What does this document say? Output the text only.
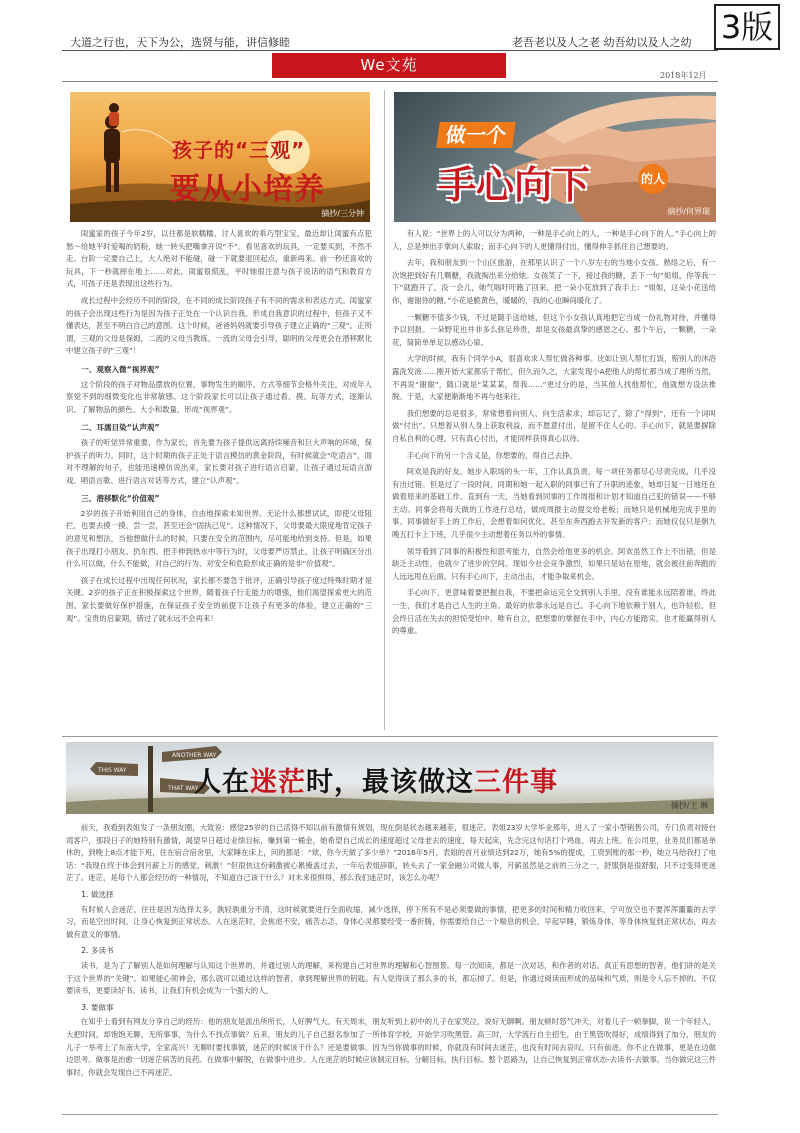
大道之行也，天下为公，选贤与能，讲信修睦	老吾老以及人之老 幼吾幼以及人之幼 3版
We文苑
2018年12月
孩子的“三观”
要从小培养
摘抄/三分钟

闺蜜家的孩子今年2岁，以往都是软糯糯、讨人喜欢的乖巧型宝宝，最近却让闺蜜有点犯愁～给她平时爱喝的奶粉，她一转头把嘴拿开说“不”。看见喜欢的玩具，一定要买到，不然不走。台阶一定要自己上，大人绝对不能碰，碰一下就要退回起点，重新再来。前一秒还喜欢的玩具，下一秒就摔在地上……对此，闺蜜很慌乱，平时她很注意与孩子说话的语气和教育方式，可孩子还是表现出这些行为。

成长过程中会经历不同的阶段，在不同的成长阶段孩子有不同的需求和表达方式。闺蜜家的孩子会出现这些行为是因为孩子正处在一个认识自我、形成自我意识的过程中，但孩子又不懂表达，甚至不明白自己的意图。这个时候，爸爸妈妈就要引导孩子建立正确的“三观”。正所谓，三观的父母是保姆，二流的父母当教练，一流的父母会引导，聪明的父母更会在潜移默化中建立孩子的“三观”！

一、观察入微“视界观”

这个阶段的孩子对物品摆放的位置，事物发生的顺序、方式等细节会格外关注，对成年人察觉不到的细微变化也非常敏感。这个阶段家长可以让孩子通过看、摸、玩等方式，逐渐认识、了解物品的颜色、大小和数量，形成“视界观”。

二、耳濡目染“认声观”

孩子的听觉异常重要，作为家长，首先要为孩子提供远离持续噪音和巨大声响的环境，保护孩子的听力。同时，这个时期的孩子正处于语言模仿的黄金阶段，有时候就会“吃语言”，面对不理解的句子，也能迅速模仿说出来，家长要对孩子进行语言启蒙，让孩子通过玩语言游戏、唱语言歌、进行语言对话等方式，建立“认声观”。

三、潜移默化“价值观”

2岁的孩子开始利用自己的身体，自由地探索未知世界。无论什么都想试试，即使父母阻拦，也要去摸一摸、尝一尝，甚至还会“固执己见”。这种情况下，父母要最大限度地肯定孩子的意见和想法，当他想做什么的时候，只要在安全的范围内，尽可能地给到支持。但是，如果孩子出现打小朋友、扔东西、把手伸到热水中等行为时，父母要严厉禁止，让孩子明确区分出什么可以做，什么不能做，对自己的行为、对安全和危险形成正确的是非“价值观”。

孩子在成长过程中出现任何状况，家长都不要急于批评，正确引导孩子度过特殊时期才是关键。2岁的孩子正在积极探索这个世界，随着孩子行走能力的增强，他们渴望探索更大的范围。家长要做好保护措施，在保证孩子安全的前提下让孩子有更多的体验，建立正确的“三观”。宝贵的启蒙期，错过了就永远不会再来！

做一个
手心向下	的人
摘抄/何界瑞

有人说：“世界上的人可以分为两种，一种是手心向上的人，一种是手心向下的人。”手心向上的人，总是伸出手掌向人索取；而手心向下的人更懂得付出，懂得伸手抓住自己想要的。

去年，我和朋友到一个山区旅游，在那里认识了一个八岁左右的当地小女孩。熟络之后，有一次饱把到好有几颗糖，我就掏出来分给她。女孩笑了一下，接过我的糖，丢下一句“姐姐，你等我一下”就跑开了。没一会儿，她气喘吁吁跑了回来，把一朵小花放到了我手上：“姐姐，这朵小花送给你，谢谢你的糖。”小花是脆黄色，暖暖的，我的心也瞬间暖化了。

一颗糖不值多少钱，不过是随手送给她，但这个小女孩认真地把它当成一份礼物对待，并懂得予以回报。一朵野花也并非多么弥足珍贵，却是女孩最真挚的感恩之心。那个午后，一颗糖，一朵花，简简单单足以感动心扉。

大学的时候，我有个同学小A，很喜欢求人帮忙做各种事。比如让别人帮忙打饭，赔别人的沐浴露洗发液……刚开始大家都乐于帮忙，但久而久之，大家发现小A把他人的帮忙都当成了理所当然，不再说“谢谢”，随口就是“某某某，帮我……”更过分的是，当其他人找他帮忙，他就想方设法推脱。于是，大家便渐渐地不再与他来往。

我们想要的总是很多，常常想着向别人、向生活索求，却忘记了，除了“得到”，还有一个词叫做“付出”。只想着从别人身上获取利益，而不愿意付出，是留不住人心的。手心向下，就是要摒除自私自利的心理。只有真心付出，才能同样获得真心以待。

手心向下的另一个含义是，你想要的，得自己去挣。

阿欢是我的好友。她步入职场的头一年，工作认真负责，每一项任务都尽心尽责完成，几乎没有出过错。但是过了一段时间，同期和她一起入职的同事已有了升职的迹象，她却日复一日地还在做着原来的基础工作。直到有一天，当她看到同事的工作周报和计划才知道自己犯的错误——不够主动。同事会将每天做的工作进行总结，做成周报主动提交给老板；而她只是机械地完成手里的事。同事做好手上的工作后，会想着如何优化，甚至东奔西跑去开发新的客户；而她仅仅只是朝九晚五打卡上下班，几乎很少主动想着任务以外的事情。

领导看到了同事的积极性和思考能力，自然会给他更多的机会。阿欢虽然工作上不出错，但是缺乏主动性，也就少了进步的空间。现如今社会竞争激烈，如果只是站在原地，就会被往前奔跑的人远远甩在后面。只有手心向下，主动出击，才能争取来机会。

手心向下，更意味着要把握自我，不要把命运完全交到别人手里。没有谁能永远陪着谁，终此一生，我们才是自己人生的主角。最好的依靠永远是自己。手心向下地依赖于别人，也许轻松，但会终日活在失去的担惊受怕中。唯有自立，把想要的掌握在手中，内心方能踏实，也才能赢得别人的尊重。

ANOTHER WAY
THIS WAY
THAT WAY
人在迷茫时，最该做这三件事
摘抄/王 琳

前天，我看到表姐发了一条朋友圈，大致说：感觉25岁的自己活得不知以前有激情有规划，现在倒是状态越来越差，很迷茫。表姐23岁大学毕业那年，进入了一家小型销售公司，专门负责对接台湾客户，那段日子的她特别有激情，渴望早日超过业绩目标，赚到第一桶金，她希望自己成长的速度超过父母老去的速度，每天起床，先念完这句话打个鸡血，再去上班。在公司里，业务员们都是单休的，到晚上8点才能下班，住在宿合宿舍里，大家睡在床上，问的都是：“欸，你今天做了多少单？”2016年5月，表姐的首月业绩达到22万，她有5%的提成，工资到账的那一秒，她立马给我打了电话：“我现在终于体会到月薪上万的感觉，刺激！”但很快这份刺激被心累掩盖过去，一年后表姐辞职，转头去了一家金融公司做人事，月薪虽然是之前的三分之一，舒服倒是很舒服，只不过变得更迷茫了。迷茫，是每个人都会经历的一种情况，不知道自己该干什么？对未来很惧得，那么我们迷茫时，该怎么办呢？

1. 做选择

有时候人会迷茫，往往是因为选择太多，孰轻孰重分不清，这时候就要进行全面收缩，减少选择，停下所有不是必须要做的事情，把更多的时间和精力收回来，宁可放空也不要浑浑噩噩的去学习，而是空出时间，让身心恢复到正常状态。人在迷茫时，会焦虑不安，痛苦忐忑，身体心灵都要经受一番折腾，你需要给自己一个喘息的机会，早起早睡，锻炼身体，等身体恢复到正常状态，再去做有意义的事情。

2. 多读书

读书，是为了了解别人是如何理解与认知这个世界的，并通过别人的理解，来构建自己对世界的理解和心智图景。每一次阅读，都是一次对话，和作者的对话。真正有思想的智者，他们讲的是关于这个世界的“关键”。如果能心领神会，那么就可以通过这样的智者，拿到理解世界的钥匙。有人觉得读了那么多的书，都忘掉了。但是，你通过阅读而形成的品味和气质，则是令人忘不掉的。不仅要读书，更要读好书。读书，让我们有机会成为一个强大的人。

3. 要做事

在知乎上看到有网友分享自己的经历：他的朋友是派出所所长，人好脾气大。有天周末，朋友听到上初中的儿子在家哭泣，说好无聊啊。朋友顿时怒气冲天，对着儿子一顿拳脚，说一个年轻人，大把时间，却饱饱无聊，无所事事，为什么不找点事做？后来，朋友的儿子自己报名参加了一所体育学校，开始学习吹黑管。高三时，大学流行自主招生，由于黑管吹得好，成绩得到了加分，朋友的儿子一举考上了东南大学，全家高兴！无聊时要找事做，迷茫的时候该干什么？还是要做事。因为当你做事的时候，你就没有时间去迷茫，也没有时间去哀叹，只有前进。你不止在做事，更是在边做边思考。做事是治愈一切迷茫病苦的良药。在做事中解脱，在做事中进步。人在迷茫的时候应该制定目标，分解目标，执行目标。整个思路为，让自己恢复到正常状态-去读书-去做事。当你做完这三件事时，你就会发现自己不再迷茫。
